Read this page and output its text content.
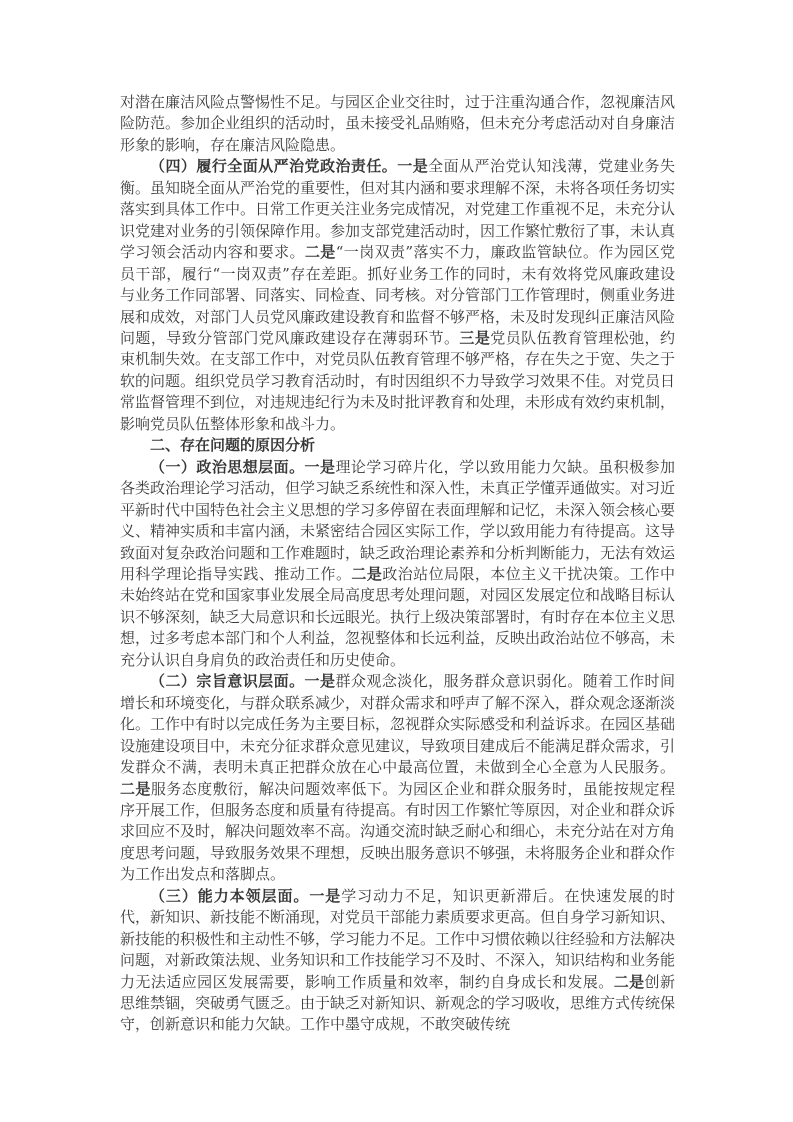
对潜在廉洁风险点警惕性不足。与园区企业交往时，过于注重沟通合作，忽视廉洁风险防范。参加企业组织的活动时，虽未接受礼品贿赂，但未充分考虑活动对自身廉洁形象的影响，存在廉洁风险隐患。

（四）履行全面从严治党政治责任。一是全面从严治党认知浅薄，党建业务失衡。虽知晓全面从严治党的重要性，但对其内涵和要求理解不深，未将各项任务切实落实到具体工作中。日常工作更关注业务完成情况，对党建工作重视不足，未充分认识党建对业务的引领保障作用。参加支部党建活动时，因工作繁忙敷衍了事，未认真学习领会活动内容和要求。二是“一岗双责”落实不力，廉政监管缺位。作为园区党员干部，履行“一岗双责”存在差距。抓好业务工作的同时，未有效将党风廉政建设与业务工作同部署、同落实、同检查、同考核。对分管部门工作管理时，侧重业务进展和成效，对部门人员党风廉政建设教育和监督不够严格，未及时发现纠正廉洁风险问题，导致分管部门党风廉政建设存在薄弱环节。三是党员队伍教育管理松弛，约束机制失效。在支部工作中，对党员队伍教育管理不够严格，存在失之于宽、失之于软的问题。组织党员学习教育活动时，有时因组织不力导致学习效果不佳。对党员日常监督管理不到位，对违规违纪行为未及时批评教育和处理，未形成有效约束机制，影响党员队伍整体形象和战斗力。

二、存在问题的原因分析

（一）政治思想层面。一是理论学习碎片化，学以致用能力欠缺。虽积极参加各类政治理论学习活动，但学习缺乏系统性和深入性，未真正学懂弄通做实。对习近平新时代中国特色社会主义思想的学习多停留在表面理解和记忆，未深入领会核心要义、精神实质和丰富内涵，未紧密结合园区实际工作，学以致用能力有待提高。这导致面对复杂政治问题和工作难题时，缺乏政治理论素养和分析判断能力，无法有效运用科学理论指导实践、推动工作。二是政治站位局限，本位主义干扰决策。工作中未始终站在党和国家事业发展全局高度思考处理问题，对园区发展定位和战略目标认识不够深刻，缺乏大局意识和长远眼光。执行上级决策部署时，有时存在本位主义思想，过多考虑本部门和个人利益，忽视整体和长远利益，反映出政治站位不够高，未充分认识自身肩负的政治责任和历史使命。

（二）宗旨意识层面。一是群众观念淡化，服务群众意识弱化。随着工作时间增长和环境变化，与群众联系减少，对群众需求和呼声了解不深入，群众观念逐渐淡化。工作中有时以完成任务为主要目标，忽视群众实际感受和利益诉求。在园区基础设施建设项目中，未充分征求群众意见建议，导致项目建成后不能满足群众需求，引发群众不满，表明未真正把群众放在心中最高位置，未做到全心全意为人民服务。二是服务态度敷衍，解决问题效率低下。为园区企业和群众服务时，虽能按规定程序开展工作，但服务态度和质量有待提高。有时因工作繁忙等原因，对企业和群众诉求回应不及时，解决问题效率不高。沟通交流时缺乏耐心和细心，未充分站在对方角度思考问题，导致服务效果不理想，反映出服务意识不够强，未将服务企业和群众作为工作出发点和落脚点。

（三）能力本领层面。一是学习动力不足，知识更新滞后。在快速发展的时代，新知识、新技能不断涌现，对党员干部能力素质要求更高。但自身学习新知识、新技能的积极性和主动性不够，学习能力不足。工作中习惯依赖以往经验和方法解决问题，对新政策法规、业务知识和工作技能学习不及时、不深入，知识结构和业务能力无法适应园区发展需要，影响工作质量和效率，制约自身成长和发展。二是创新思维禁锢，突破勇气匮乏。由于缺乏对新知识、新观念的学习吸收，思维方式传统保守，创新意识和能力欠缺。工作中墨守成规，不敢突破传统
